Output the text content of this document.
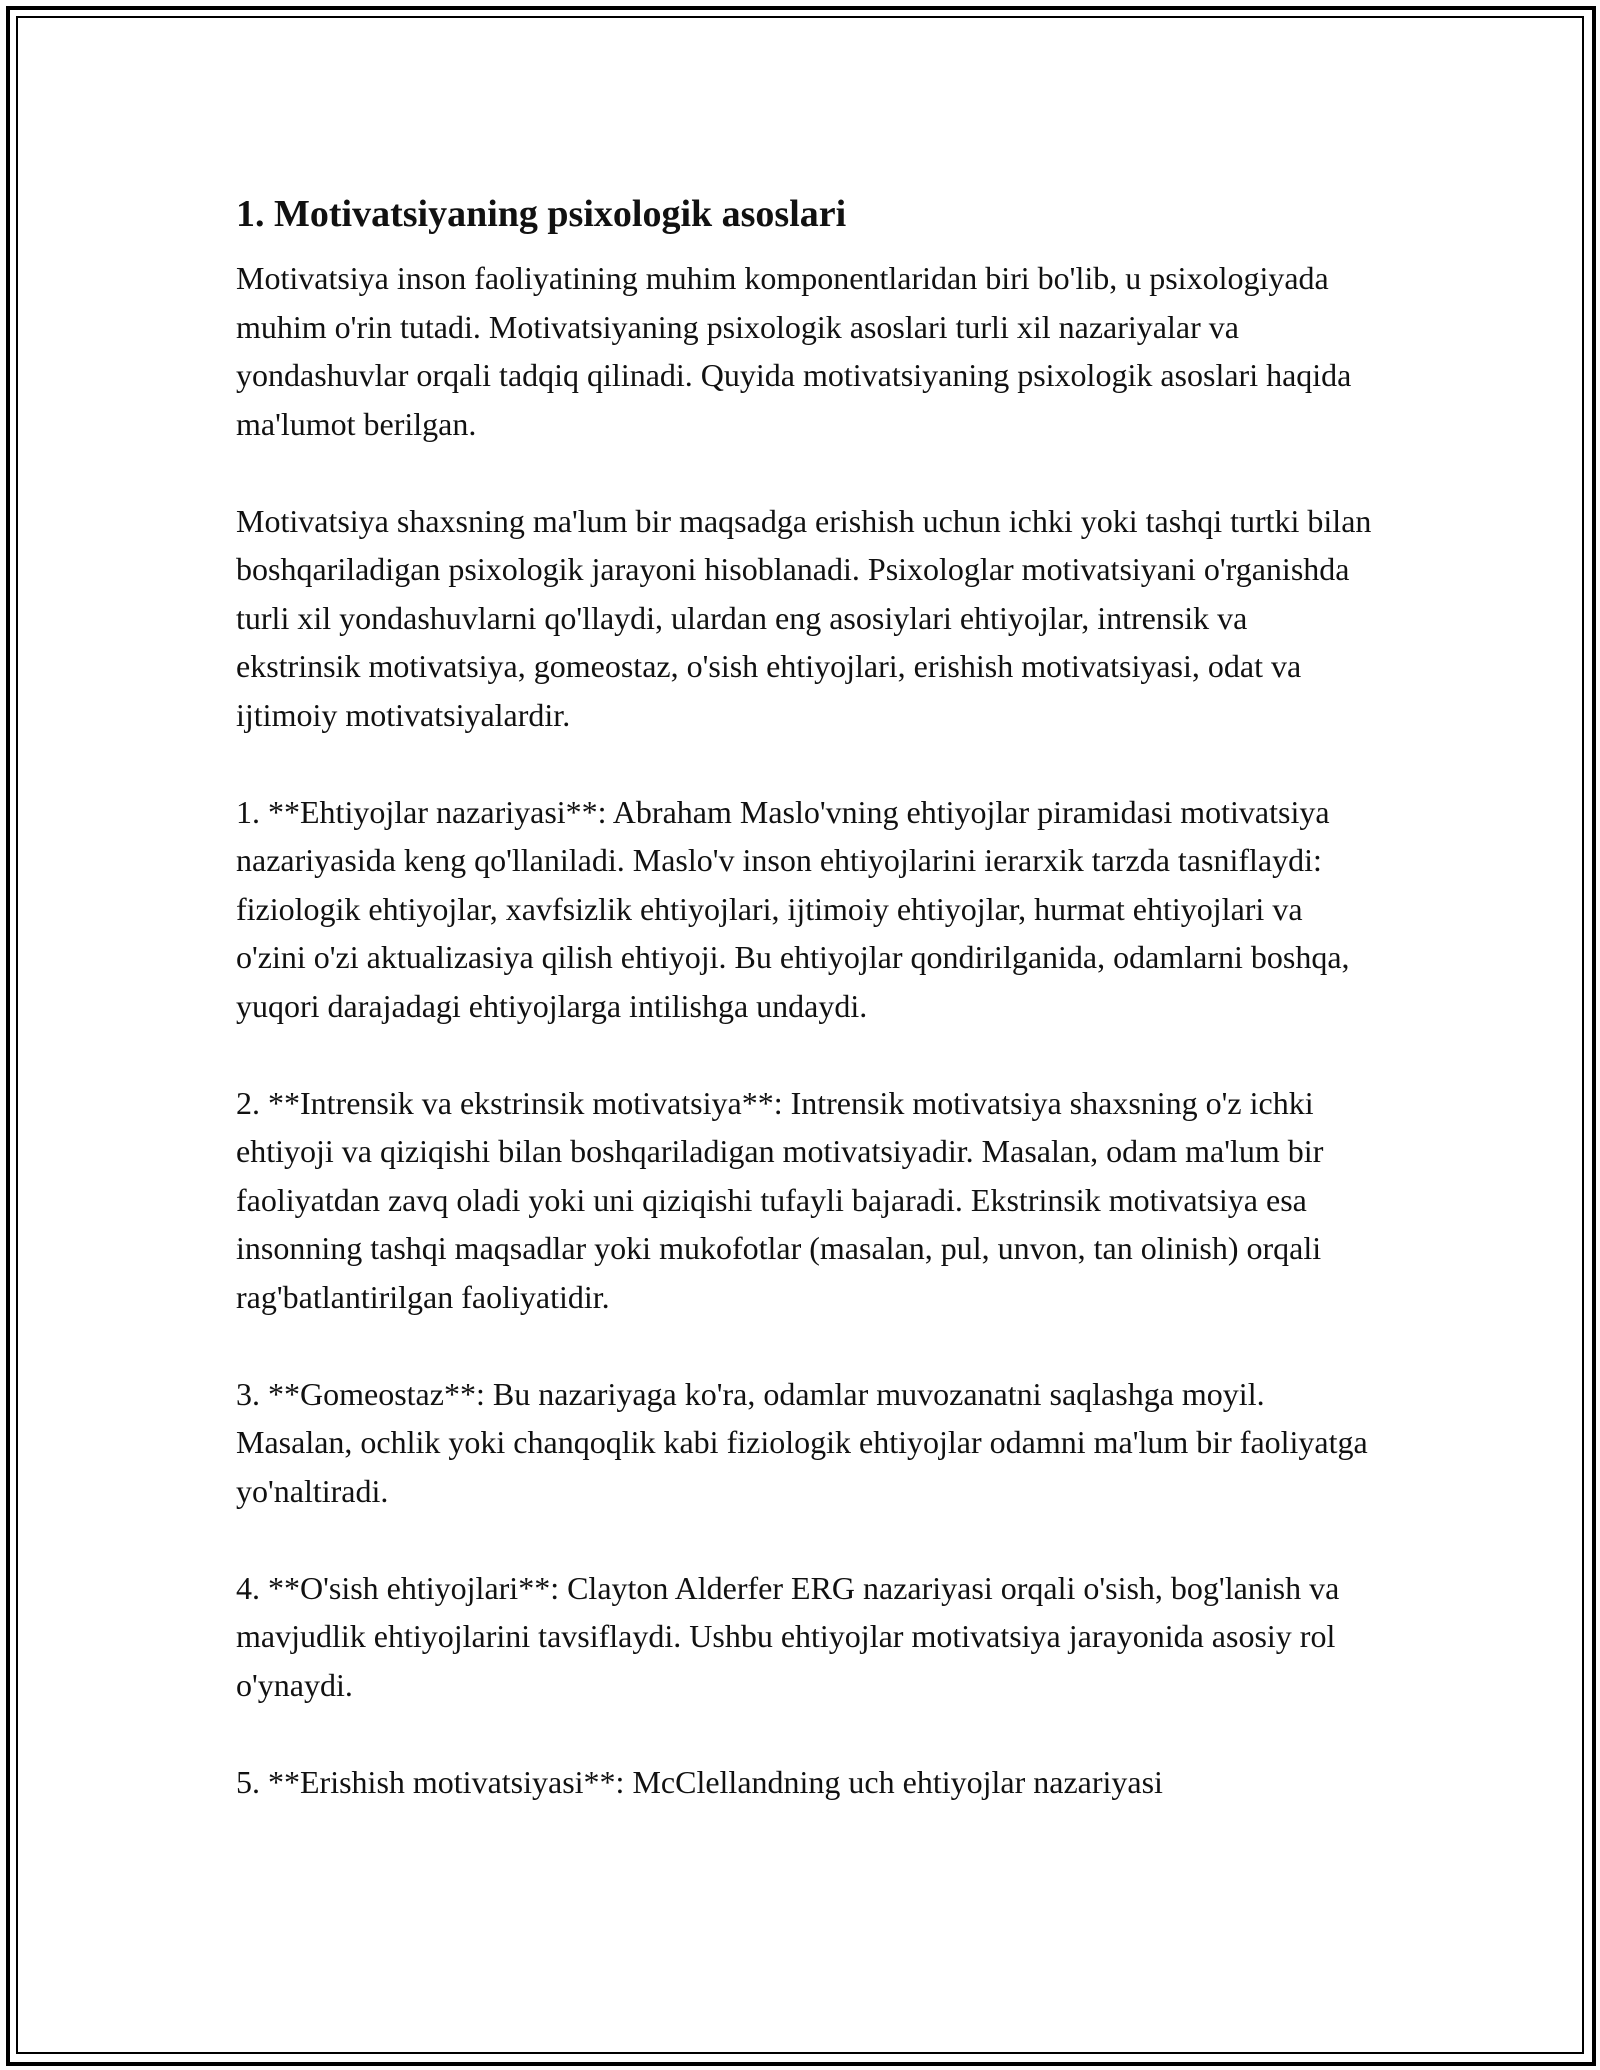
1. Motivatsiyaning psixologik asoslari

Motivatsiya inson faoliyatining muhim komponentlaridan biri bo'lib, u psixologiyada muhim o'rin tutadi. Motivatsiyaning psixologik asoslari turli xil nazariyalar va yondashuvlar orqali tadqiq qilinadi. Quyida motivatsiyaning psixologik asoslari haqida ma'lumot berilgan.

Motivatsiya shaxsning ma'lum bir maqsadga erishish uchun ichki yoki tashqi turtki bilan boshqariladigan psixologik jarayoni hisoblanadi. Psixologlar motivatsiyani o'rganishda turli xil yondashuvlarni qo'llaydi, ulardan eng asosiylari ehtiyojlar, intrensik va ekstrinsik motivatsiya, gomeostaz, o'sish ehtiyojlari, erishish motivatsiyasi, odat va ijtimoiy motivatsiyalardir.

1. **Ehtiyojlar nazariyasi**: Abraham Maslo'vning ehtiyojlar piramidasi motivatsiya nazariyasida keng qo'llaniladi. Maslo'v inson ehtiyojlarini ierarxik tarzda tasniflaydi: fiziologik ehtiyojlar, xavfsizlik ehtiyojlari, ijtimoiy ehtiyojlar, hurmat ehtiyojlari va o'zini o'zi aktualizasiya qilish ehtiyoji. Bu ehtiyojlar qondirilganida, odamlarni boshqa, yuqori darajadagi ehtiyojlarga intilishga undaydi.

2. **Intrensik va ekstrinsik motivatsiya**: Intrensik motivatsiya shaxsning o'z ichki ehtiyoji va qiziqishi bilan boshqariladigan motivatsiyadir. Masalan, odam ma'lum bir faoliyatdan zavq oladi yoki uni qiziqishi tufayli bajaradi. Ekstrinsik motivatsiya esa insonning tashqi maqsadlar yoki mukofotlar (masalan, pul, unvon, tan olinish) orqali rag'batlantirilgan faoliyatidir.

3. **Gomeostaz**: Bu nazariyaga ko'ra, odamlar muvozanatni saqlashga moyil. Masalan, ochlik yoki chanqoqlik kabi fiziologik ehtiyojlar odamni ma'lum bir faoliyatga yo'naltiradi.

4. **O'sish ehtiyojlari**: Clayton Alderfer ERG nazariyasi orqali o'sish, bog'lanish va mavjudlik ehtiyojlarini tavsiflaydi. Ushbu ehtiyojlar motivatsiya jarayonida asosiy rol o'ynaydi.

5. **Erishish motivatsiyasi**: McClellandning uch ehtiyojlar nazariyasi
